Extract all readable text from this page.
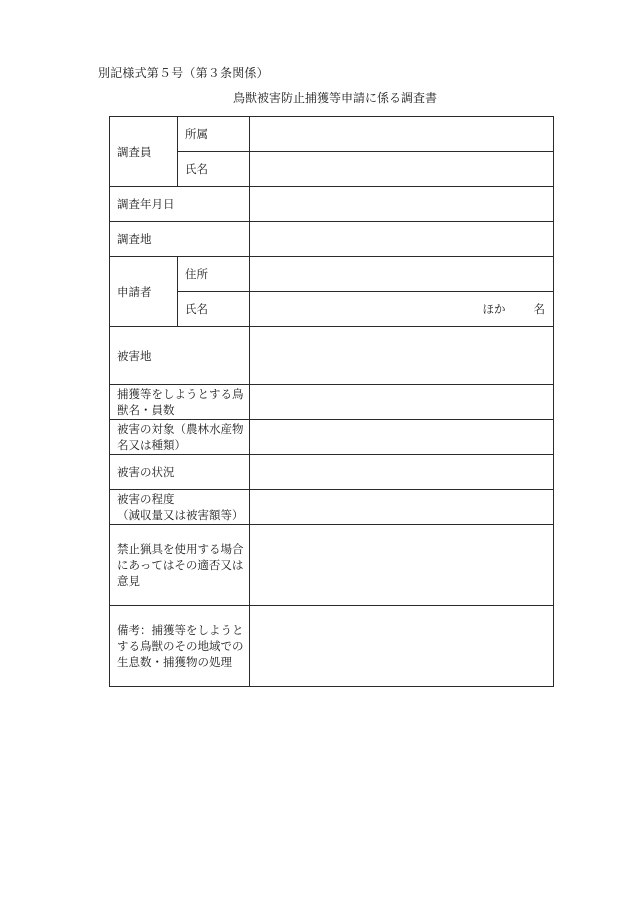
別記様式第５号（第３条関係）
鳥獣被害防止捕獲等申請に係る調査書
調査員	所属	
	氏名	
調査年月日		
調査地		
申請者	住所	
	氏名	ほか 名

被害地		

捕獲等をしようとする鳥
獣名・員数		

被害の対象（農林水産物
名又は種類）		

被害の状況		

被害の程度
（減収量又は被害額等）		

禁止猟具を使用する場合
にあってはその適否又は
意見		

備考：捕獲等をしようと
する鳥獣のその地域での
生息数・捕獲物の処理		
